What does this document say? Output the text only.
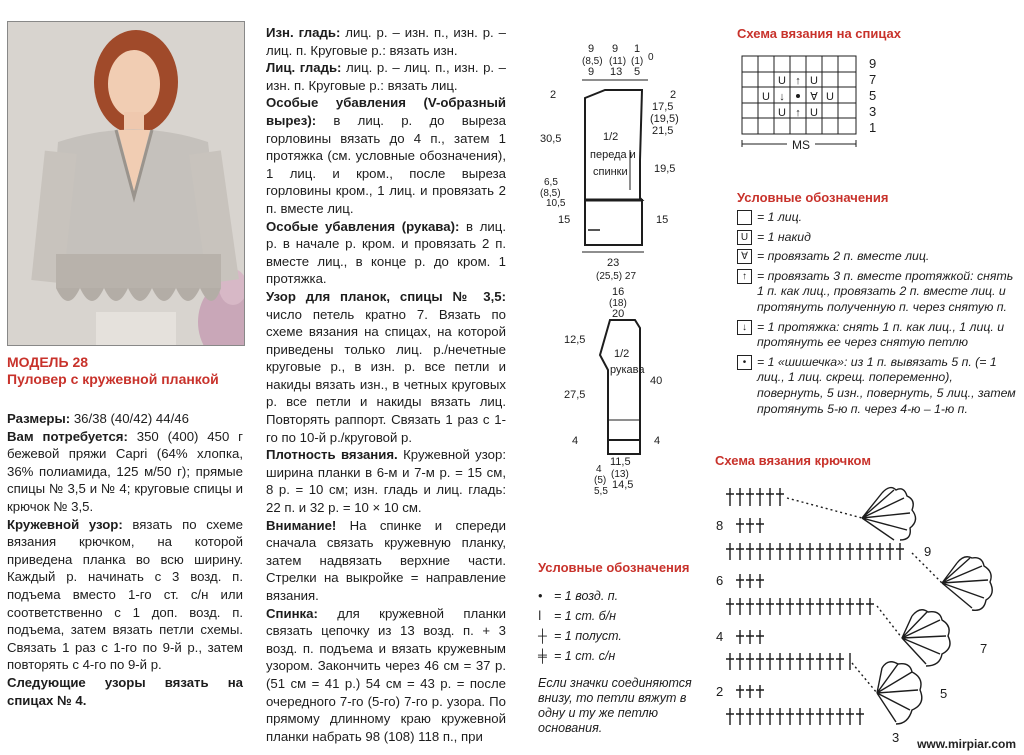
МОДЕЛЬ 28
Пуловер с кружевной планкой

Размеры: 36/38 (40/42) 44/46

Вам потребуется: 350 (400) 450 г бежевой пряжи Capri (64% хлопка, 36% полиамида, 125 м/50 г); прямые спицы № 3,5 и № 4; круговые спицы и крючок № 3,5.

Кружевной узор: вязать по схеме вязания крючком, на которой приведена планка во всю ширину. Каждый р. начинать с 3 возд. п. подъема вместо 1-го ст. с/н или соответственно с 1 доп. возд. п. подъема, затем вязать петли схемы. Связать 1 раз с 1-го по 9-й р., затем повторять с 4-го по 9-й р.

Следующие узоры вязать на спицах № 4.

Изн. гладь: лиц. р. – изн. п., изн. р. – лиц. п. Круговые р.: вязать изн.

Лиц. гладь: лиц. р. – лиц. п., изн. р. – изн. п. Круговые р.: вязать лиц.

Особые убавления (V-образный вырез): в лиц. р. до выреза горловины вязать до 4 п., затем 1 протяжка (см. условные обозначения), 1 лиц. и кром., после выреза горловины кром., 1 лиц. и провязать 2 п. вместе лиц.

Особые убавления (рукава): в лиц. р. в начале р. кром. и провязать 2 п. вместе лиц., в конце р. до кром. 1 протяжка.

Узор для планок, спицы № 3,5: число петель кратно 7. Вязать по схеме вязания на спицах, на которой приведены только лиц. р./нечетные круговые р., в изн. р. все петли и накиды вязать изн., в четных круговых р. все петли и накиды вязать лиц. Повторять раппорт. Связать 1 раз с 1-го по 10-й р./круговой р.

Плотность вязания. Кружевной узор: ширина планки в 6-м и 7-м р. = 15 см, 8 р. = 10 см; изн. гладь и лиц. гладь: 22 п. и 32 р. = 10 × 10 см.

Внимание! На спинке и спереди сначала связать кружевную планку, затем надвязать верхние части. Стрелки на выкройке = направление вязания.

Спинка: для кружевной планки связать цепочку из 13 возд. п. + 3 возд. п. подъема и вязать кружевным узором. Закончить через 46 см = 37 р. (51 см = 41 р.) 54 см = 43 р. = после очередного 7-го (5-го) 7-го р. узора. По прямому длинному краю кружевной планки набрать 98 (108) 118 п., при

1/2
переда и
спинки
9
(8,5)
9
9
(11)
13
1
(1)
5
0
2	2
30,5
17,5
(19,5)
21,5
19,5
6,5
(8,5)
10,5
15	15
23
(25,5) 27
1/2
рукава
16
(18)
20
12,5
27,5
40
4	4
11,5
(13)
14,5
4
(5)
5,5
Условные обозначения
• = 1 возд. п.
ǀ = 1 ст. б/н
┼ = 1 полуст.
╪ = 1 ст. с/н
Если значки соединяются внизу, то петли вяжут в одну и ту же петлю основания.
Схема вязания на спицах
U ↑ U
U ↓ ∀ U
U ↑ U
MS
9
7
5
3
1
Условные обозначения
= 1 лиц.
U = 1 накид
∀ = провязать 2 п. вместе лиц.
↑ = провязать 3 п. вместе протяжкой: снять 1 п. как лиц., провязать 2 п. вместе лиц. и протянуть полученную п. через снятую п.
↓ = 1 протяжка: снять 1 п. как лиц., 1 лиц. и протянуть ее через снятую петлю
• = 1 «шишечка»: из 1 п. вывязать 5 п. (= 1 лиц., 1 лиц. скрещ. попеременно), повернуть, 5 изн., повернуть, 5 лиц., затем протянуть 5-ю п. через 4-ю – 1-ю п.
Схема вязания крючком
8
6
4
2
9
7
5
3 www.mirpiar.com
